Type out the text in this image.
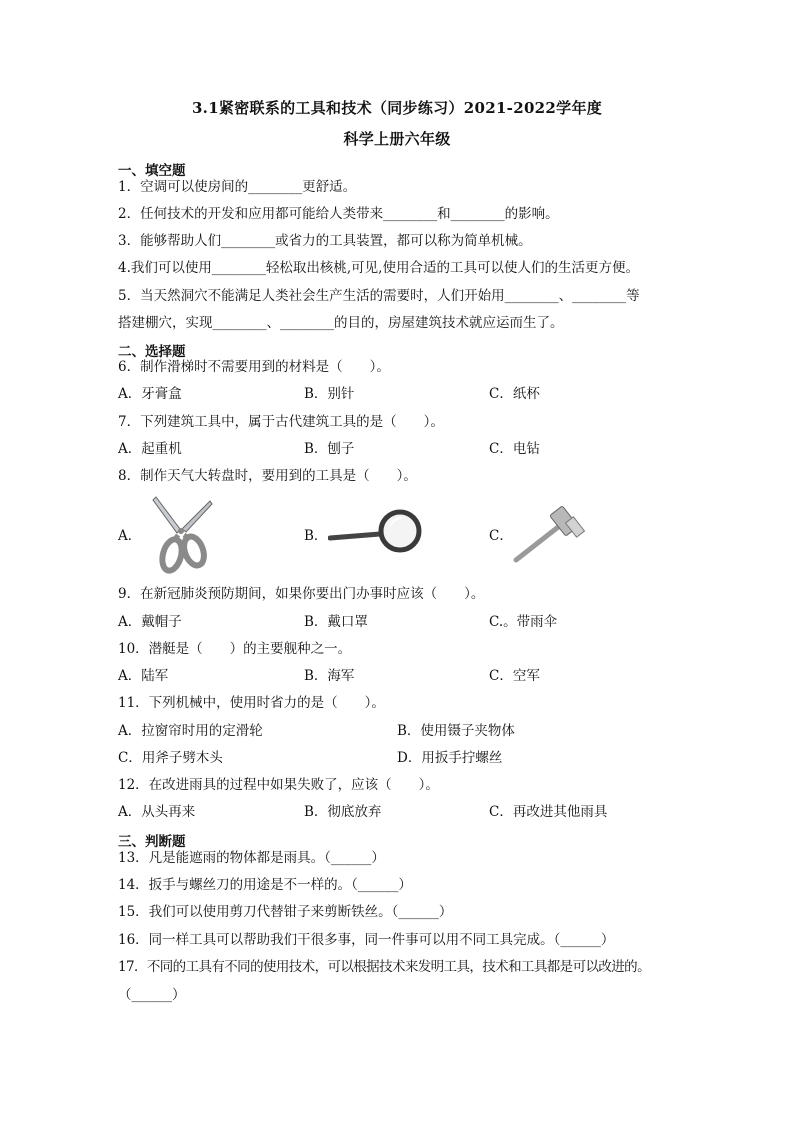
3.1紧密联系的工具和技术（同步练习）2021-2022学年度
科学上册六年级
一、填空题
1．空调可以使房间的________更舒适。
2．任何技术的开发和应用都可能给人类带来________和________的影响。
3．能够帮助人们________或省力的工具装置，都可以称为简单机械。
4.我们可以使用________轻松取出核桃,可见,使用合适的工具可以使人们的生活更方便。
5．当天然洞穴不能满足人类社会生产生活的需要时，人们开始用________、________等
搭建棚穴，实现________、________的目的，房屋建筑技术就应运而生了。
二、选择题
6．制作滑梯时不需要用到的材料是（　　）。
A．牙膏盒	B．别针	C．纸杯
7．下列建筑工具中，属于古代建筑工具的是（　　）。
A．起重机	B．刨子	C．电钻
8．制作天气大转盘时，要用到的工具是（　　）。
A．	B．	C．
9．在新冠肺炎预防期间，如果你要出门办事时应该（　　）。
A．戴帽子	B．戴口罩	C.。带雨伞
10．潜艇是（　　）的主要舰种之一。
A．陆军	B．海军	C．空军
11．下列机械中，使用时省力的是（　　）。
A．拉窗帘时用的定滑轮	B．使用镊子夹物体
C．用斧子劈木头	D．用扳手拧螺丝
12．在改进雨具的过程中如果失败了，应该（　　）。
A．从头再来	B．彻底放弃	C．再改进其他雨具
三、判断题
13．凡是能遮雨的物体都是雨具。（______）
14．扳手与螺丝刀的用途是不一样的。（______）
15．我们可以使用剪刀代替钳子来剪断铁丝。（______）
16．同一样工具可以帮助我们干很多事，同一件事可以用不同工具完成。（______）
17．不同的工具有不同的使用技术，可以根据技术来发明工具，技术和工具都是可以改进的。
（______）
